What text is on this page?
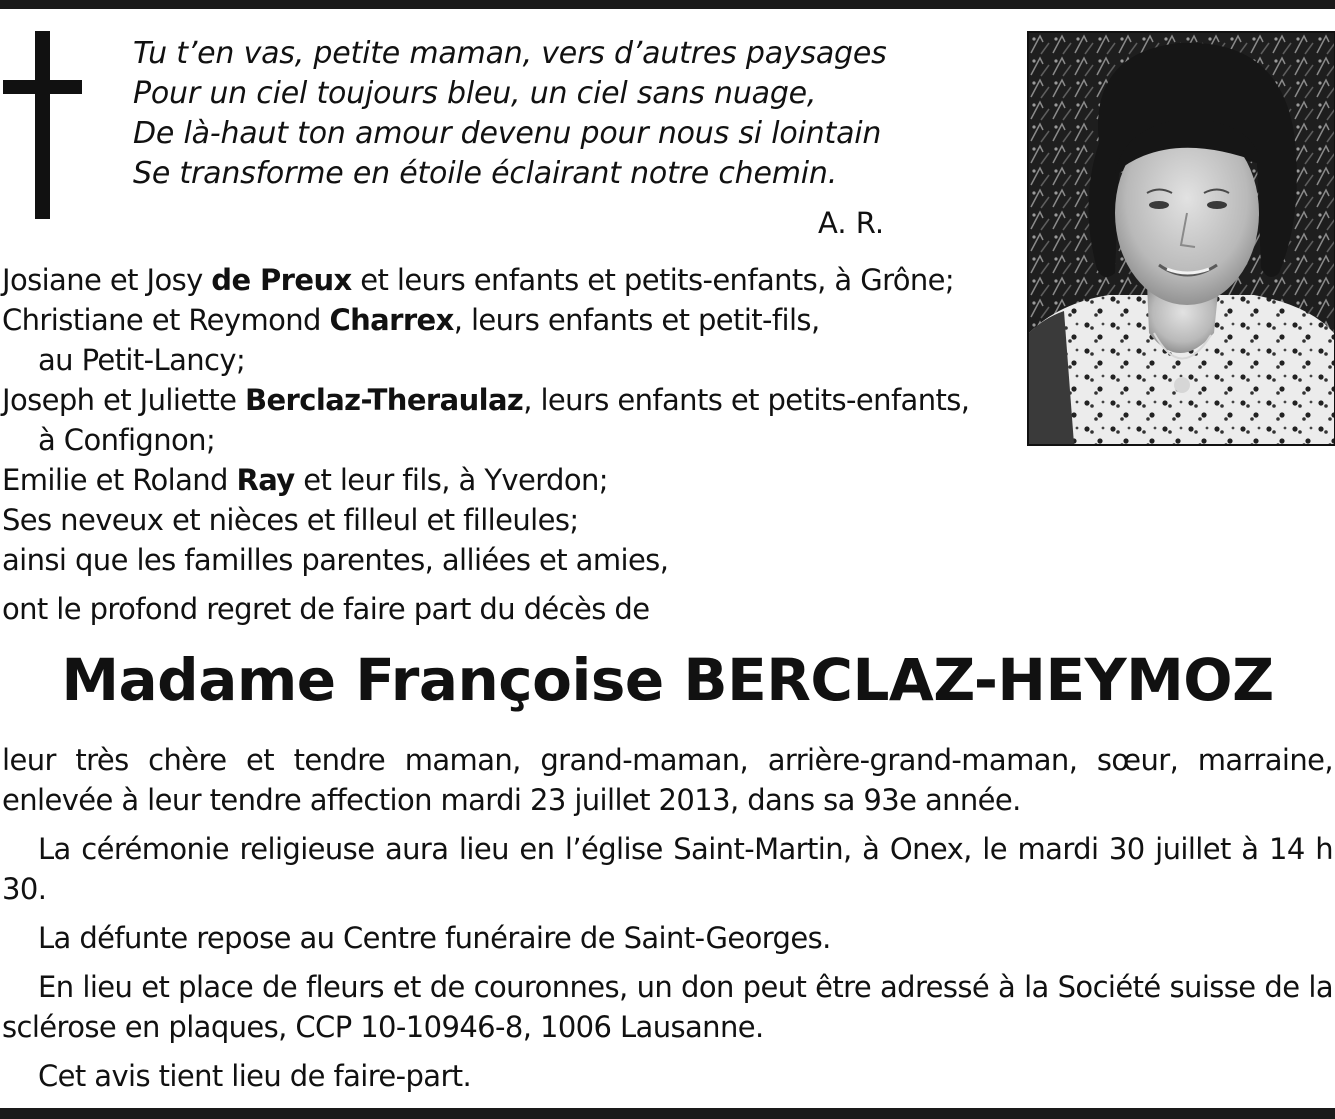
Tu t’en vas, petite maman, vers d’autres paysages
Pour un ciel toujours bleu, un ciel sans nuage,
De là-haut ton amour devenu pour nous si lointain
Se transforme en étoile éclairant notre chemin.
A. R.

Josiane et Josy de Preux et leurs enfants et petits-enfants, à Grône;

Christiane et Reymond Charrex, leurs enfants et petit-fils,

au Petit-Lancy;

Joseph et Juliette Berclaz-Theraulaz, leurs enfants et petits-enfants,

à Confignon;

Emilie et Roland Ray et leur fils, à Yverdon;

Ses neveux et nièces et filleul et filleules;

ainsi que les familles parentes, alliées et amies,

ont le profond regret de faire part du décès de
Madame Françoise BERCLAZ-HEYMOZ

leur très chère et tendre maman, grand-maman, arrière-grand-maman, sœur, marraine, enlevée à leur tendre affection mardi 23 juillet 2013, dans sa 93e année.

La cérémonie religieuse aura lieu en l’église Saint-Martin, à Onex, le mardi 30 juillet à 14 h 30.

La défunte repose au Centre funéraire de Saint-Georges.

En lieu et place de fleurs et de couronnes, un don peut être adressé à la Société suisse de la sclérose en plaques, CCP 10-10946-8, 1006 Lausanne.

Cet avis tient lieu de faire-part.
